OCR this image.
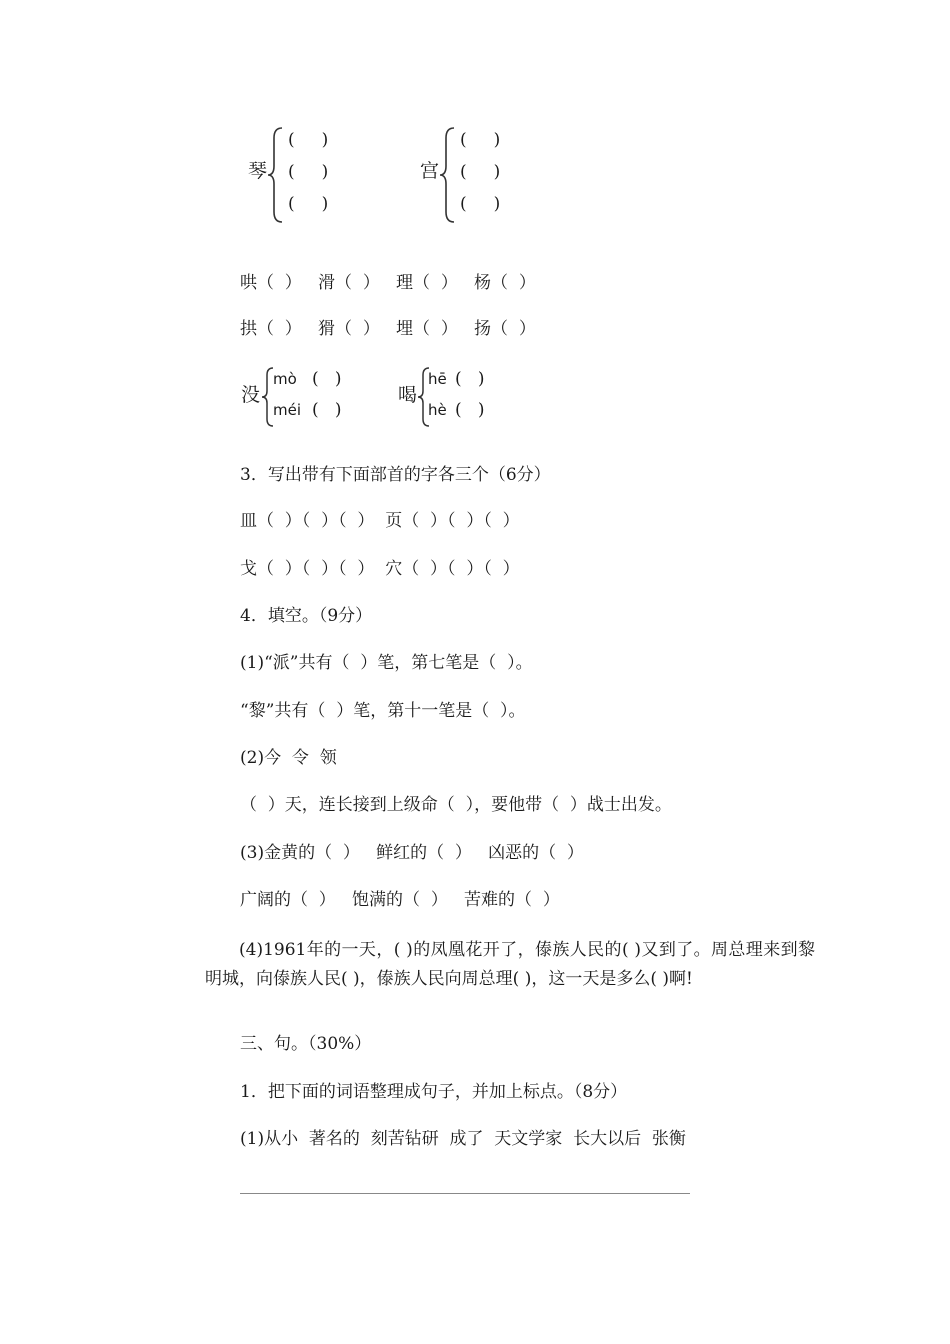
琴
(     )
(     )
(     )
宫
(     )
(     )
(     )
哄（  ）   滑（  ）   理（  ）   杨（  ）
拱（  ）   猾（  ）   埋（  ）   扬（  ）
没
mò (   )
méi (   )
喝
hē (   )
hè (   )
3．写出带有下面部首的字各三个（6分）
皿（  ）（  ）（  ）  页（  ）（  ）（  ）
戈（  ）（  ）（  ）  穴（  ）（  ）（  ）
4．填空。（9分）
(1)“派”共有（  ）笔，第七笔是（  ）。
“黎”共有（  ）笔，第十一笔是（  ）。
(2)今  令  领
（  ）天，连长接到上级命（  ），要他带（  ）战士出发。
(3)金黄的（  ）   鲜红的（  ）   凶恶的（  ）
广阔的（  ）   饱满的（  ）   苦难的（  ）
(4)1961年的一天，( )的凤凰花开了，傣族人民的( )又到了。周总理来到黎明城，向傣族人民( )，傣族人民向周总理( )，这一天是多么( )啊!
三、句。（30%）
1．把下面的词语整理成句子，并加上标点。（8分）
(1)从小  著名的  刻苦钻研  成了  天文学家  长大以后  张衡
